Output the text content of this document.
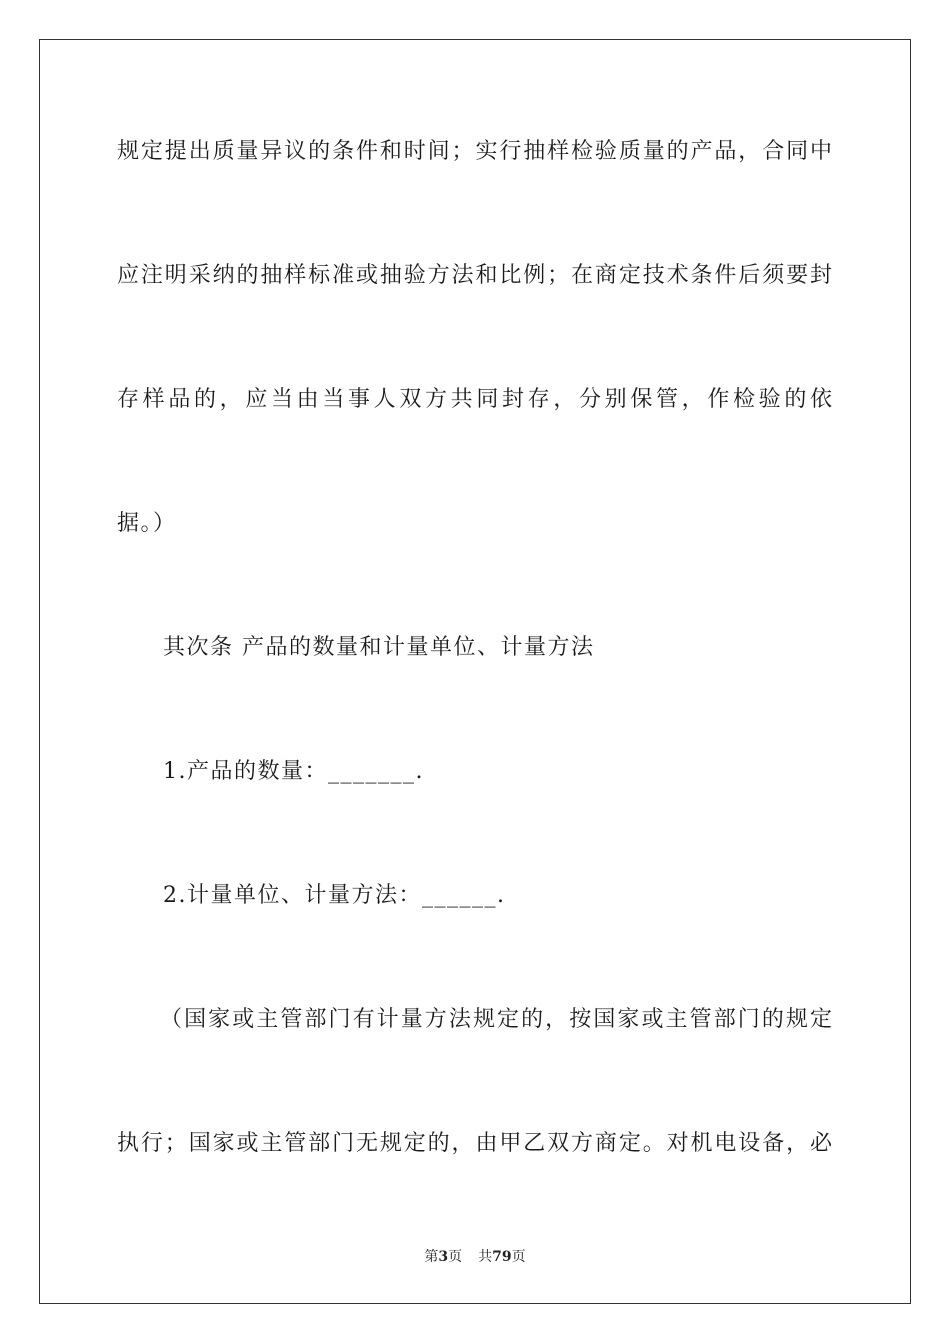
规定提出质量异议的条件和时间；实行抽样检验质量的产品，合同中
应注明采纳的抽样标准或抽验方法和比例；在商定技术条件后须要封
存样品的，应当由当事人双方共同封存，分别保管，作检验的依
据。）
其次条 产品的数量和计量单位、计量方法
1.产品的数量：_______.
2.计量单位、计量方法：______.
（国家或主管部门有计量方法规定的，按国家或主管部门的规定
执行；国家或主管部门无规定的，由甲乙双方商定。对机电设备，必
第3页 共79页
